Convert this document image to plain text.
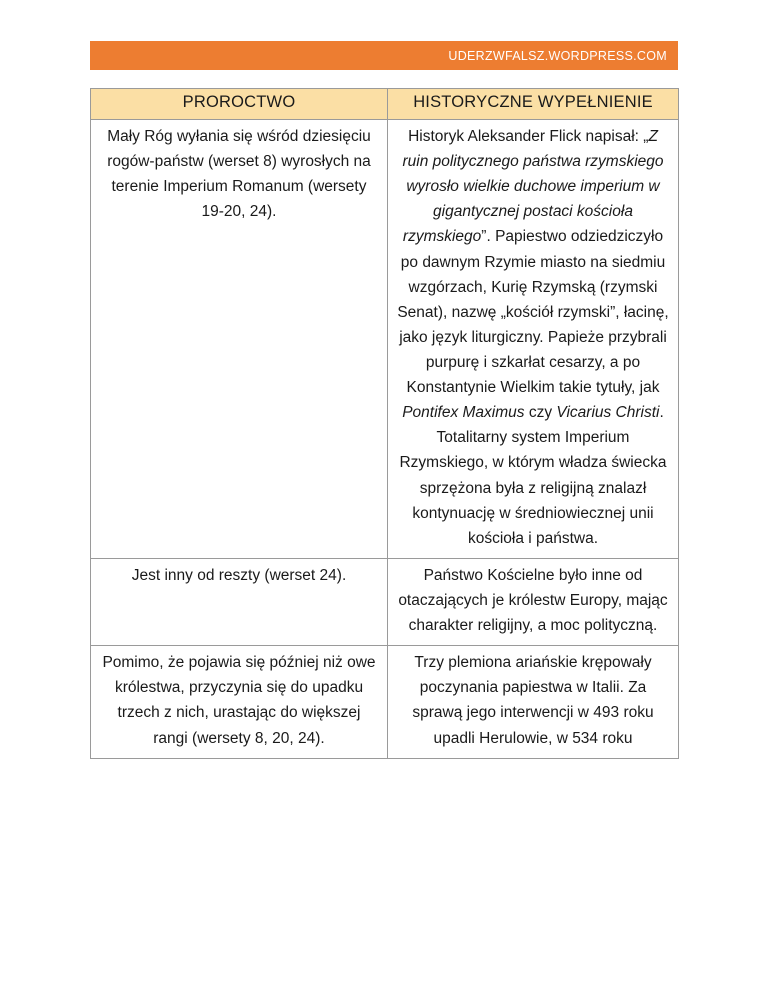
UDERZWFALSZ.WORDPRESS.COM
PROROCTWO	HISTORYCZNE WYPEŁNIENIE

Mały Róg wyłania się wśród dziesięciu rogów-państw (werset 8) wyrosłych na terenie Imperium Romanum (wersety 19-20, 24).	Historyk Aleksander Flick napisał: „Z ruin politycznego państwa rzymskiego wyrosło wielkie duchowe imperium w gigantycznej postaci kościoła rzymskiego”. Papiestwo odziedziczyło po dawnym Rzymie miasto na siedmiu wzgórzach, Kurię Rzymską (rzymski Senat), nazwę „kościół rzymski”, łacinę, jako język liturgiczny. Papieże przybrali purpurę i szkarłat cesarzy, a po Konstantynie Wielkim takie tytuły, jak Pontifex Maximus czy Vicarius Christi. Totalitarny system Imperium Rzymskiego, w którym władza świecka sprzężona była z religijną znalazł kontynuację w średniowiecznej unii kościoła i państwa.

Jest inny od reszty (werset 24).	Państwo Kościelne było inne od otaczających je królestw Europy, mając charakter religijny, a moc polityczną.

Pomimo, że pojawia się później niż owe królestwa, przyczynia się do upadku trzech z nich, urastając do większej rangi (wersety 8, 20, 24).	Trzy plemiona ariańskie krępowały poczynania papiestwa w Italii. Za sprawą jego interwencji w 493 roku upadli Herulowie, w 534 roku
